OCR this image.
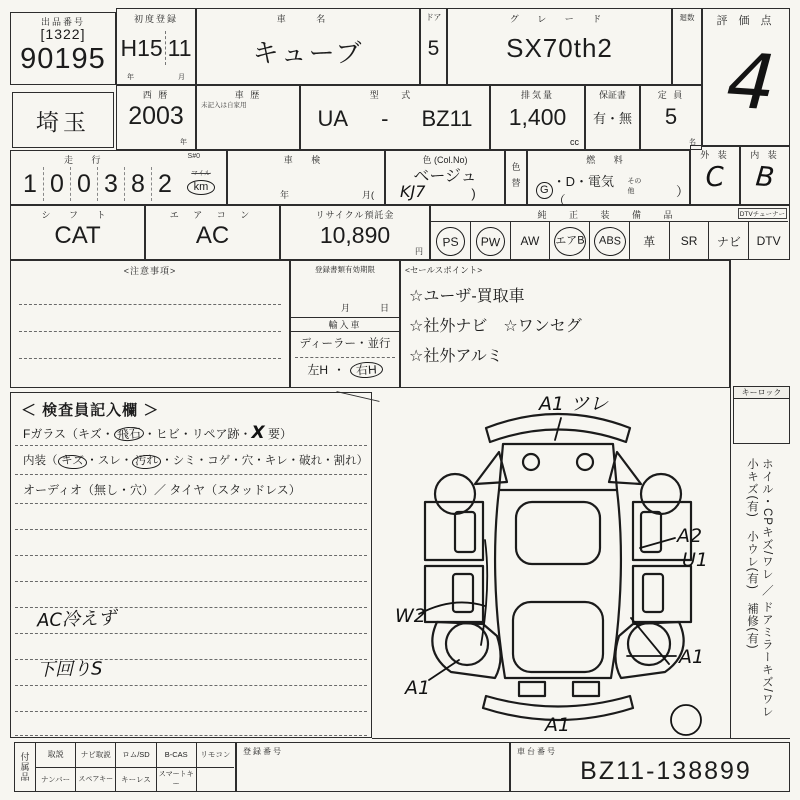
出品番号
[1322]
90195
初度登録
H15 11
年	月
車 名
キューブ
ドア
5
グ レ ー ド
SX70th2
廻数	評 価 点
4
埼玉
西 暦
2003
年
車 歴
未記入は自家用
型 式
UA - BZ11
排気量
1,400
cc
保証書
有・無
定 員
5
名
走 行	S#0
1 0 0 3 8 2	マイル
km
車 検
年	月(
色 (Col.No)
ベージュ
KJ7	)
色
替
燃 料
G
・D・電気（
その他	）
外 装
C
内 装
B
シ フ ト
CAT
エ ア コ ン
AC
リサイクル預託金
10,890
円
純 正 装 備 品	DTVチューナー
PS	PW	AW エアB	ABS	革 SR ナビ DTV
<注意事項>	登録書類有効期限
月	日
輸入車
ディーラー・並行
左H ・ 右H
<セールスポイント>
☆ユーザ-買取車
☆社外ナビ　☆ワンセグ
☆社外アルミ
＜ 検査員記入欄 ＞
Fガラス（キズ・ 飛石 ・ヒビ・リペア跡・X 要）
内装（ キズ ・スレ・ 汚れ ・シミ・コゲ・穴・キレ・破れ・割れ）
オーディオ（無し・穴）／ タイヤ（スタッドレス）
AC冷えず
下回りS
A1 ツレ
A2
U1
W2
A1
A1
A1
キーロック
ホイル・CPキズ/ワレ ／ ドアミラーキズ/ワレ　小キズ(有)　小ウレ(有)　補修(有)
付属品	取説	ナビ取説	ロム/SD	B-CAS	リモコン
ナンバー	スペアキー	キーレス	スマートキー
登録番号	車台番号
BZ11-138899
